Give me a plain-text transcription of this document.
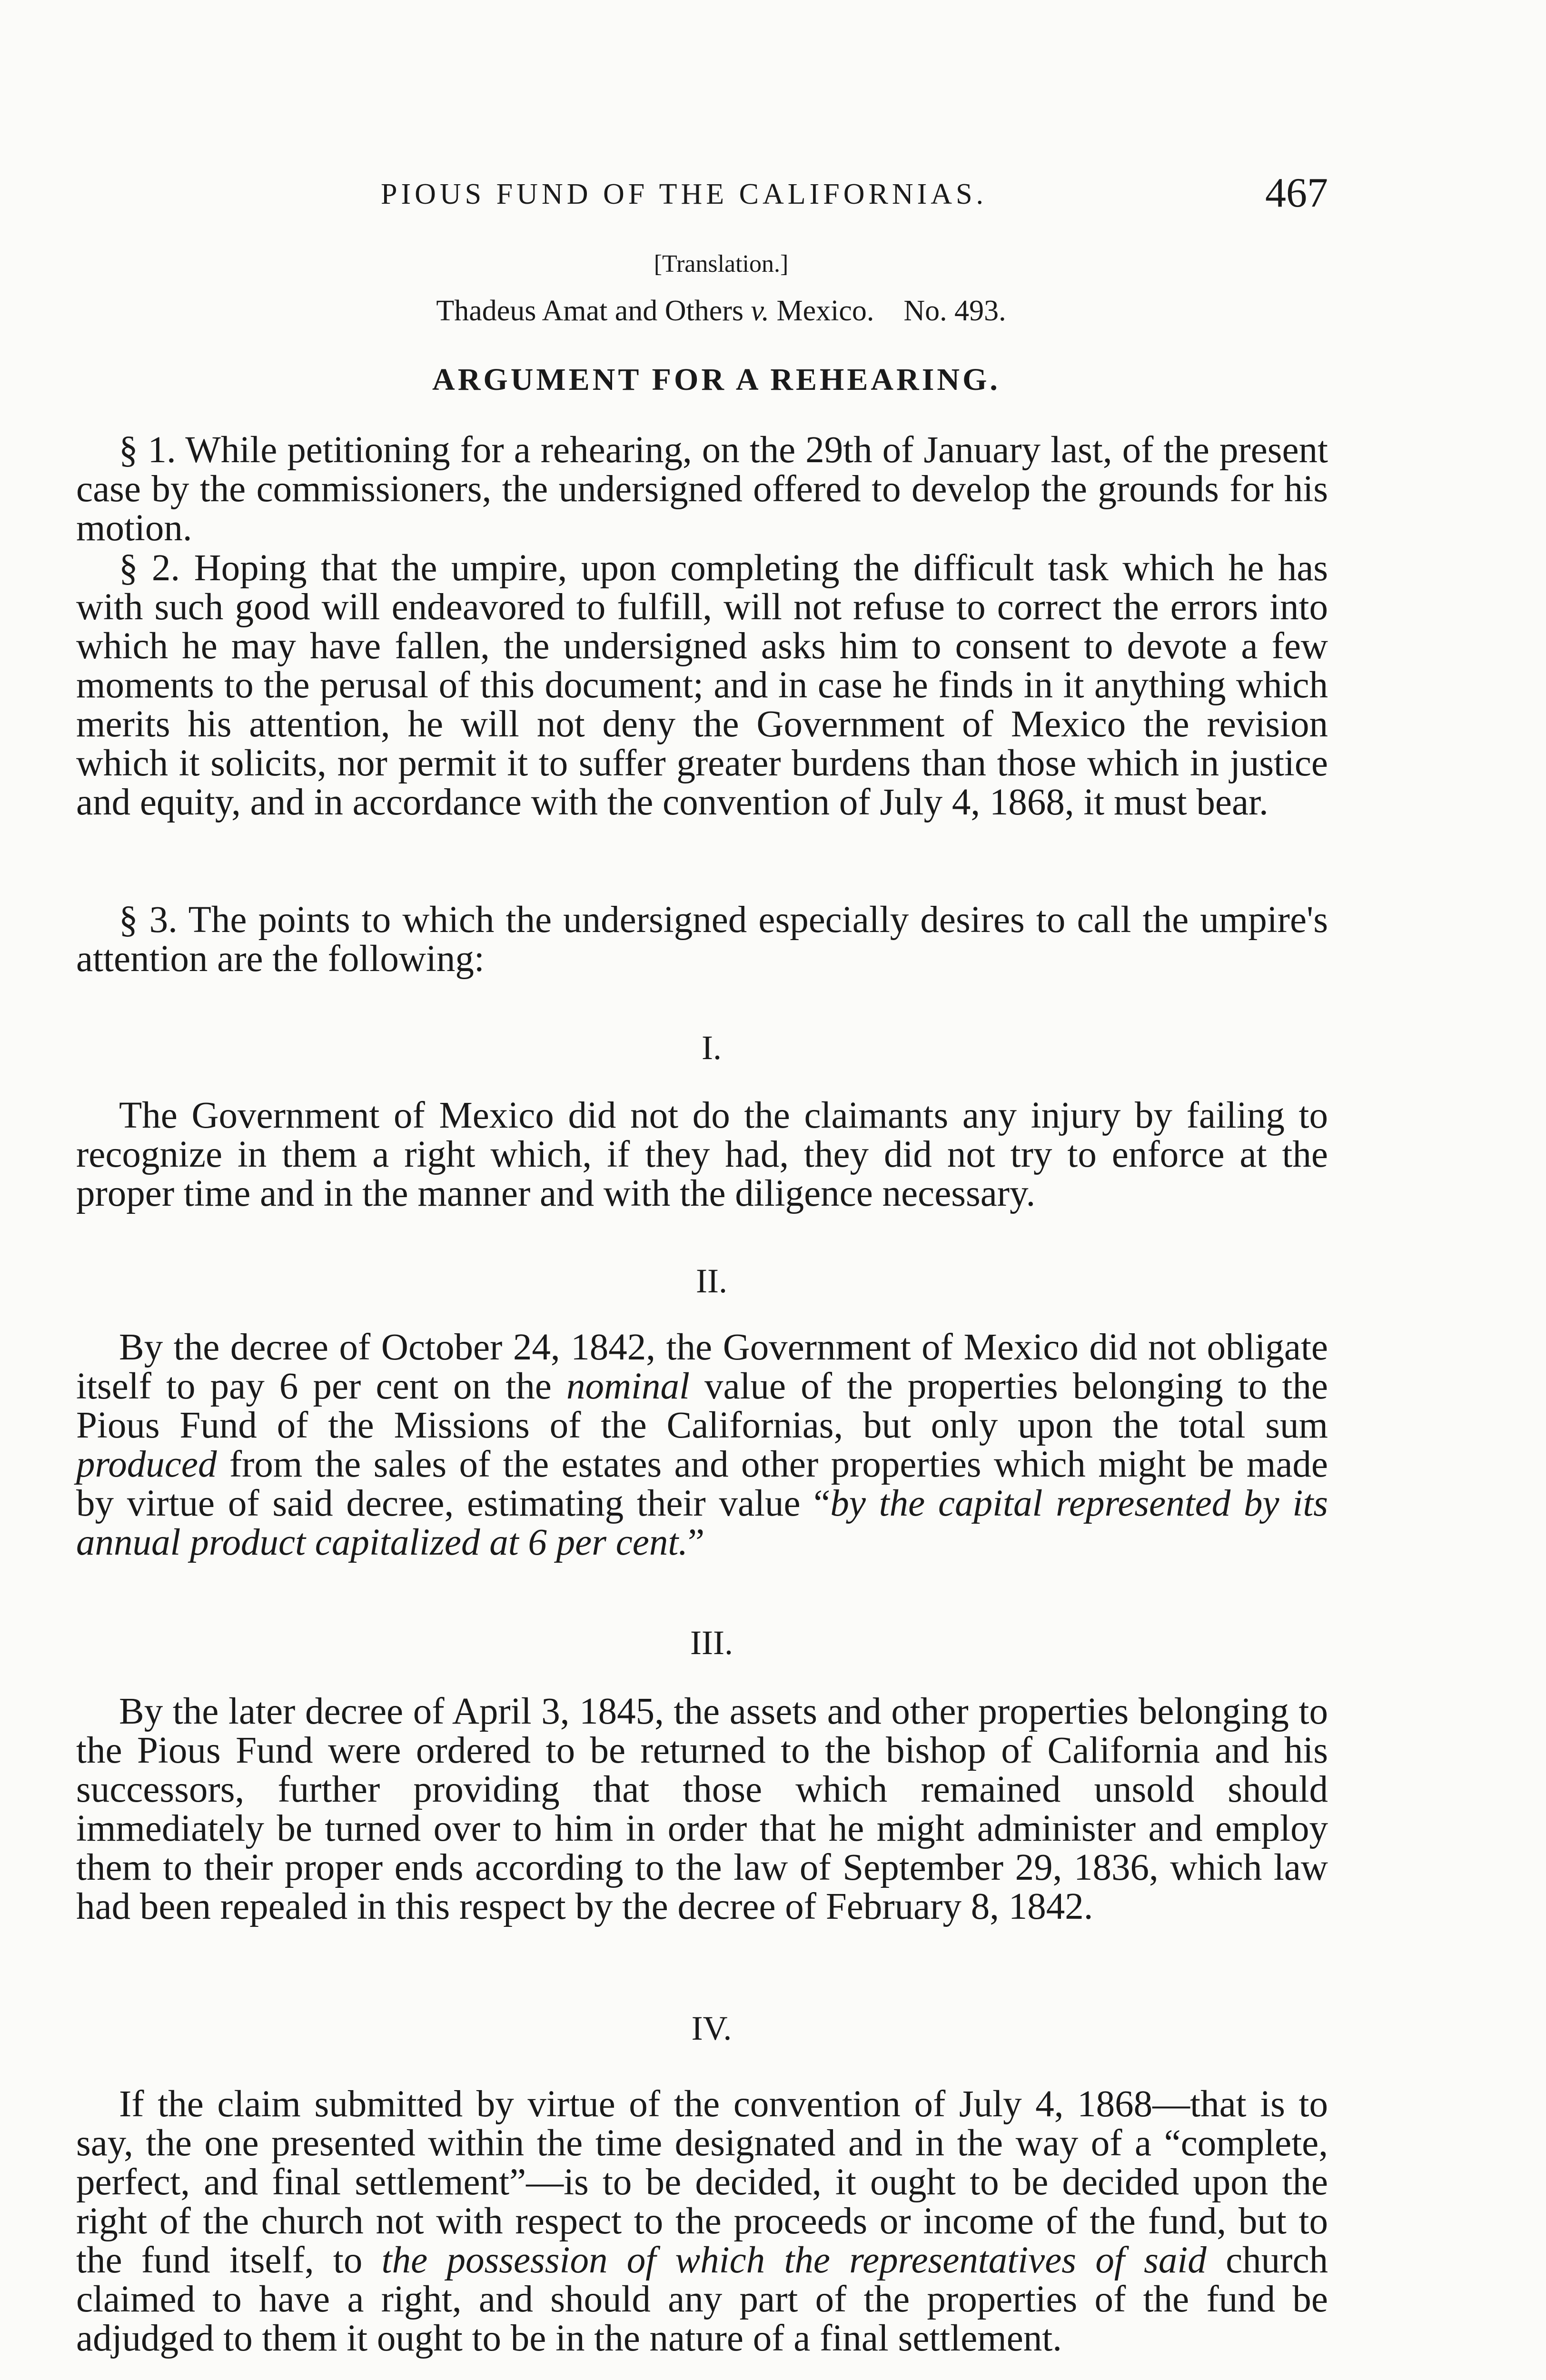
PIOUS FUND OF THE CALIFORNIAS.	467
[Translation.]
Thadeus Amat and Others v. Mexico.    No. 493.
ARGUMENT FOR A REHEARING.

§ 1. While petitioning for a rehearing, on the 29th of January last, of the present case by the commissioners, the undersigned offered to develop the grounds for his motion.

§ 2. Hoping that the umpire, upon completing the difficult task which he has with such good will endeavored to fulfill, will not refuse to correct the errors into which he may have fallen, the undersigned asks him to consent to devote a few moments to the perusal of this document; and in case he finds in it anything which merits his attention, he will not deny the Government of Mexico the revision which it solicits, nor permit it to suffer greater burdens than those which in justice and equity, and in accordance with the convention of July 4, 1868, it must bear.

§ 3. The points to which the undersigned especially desires to call the umpire's attention are the following:

I.

The Government of Mexico did not do the claimants any injury by failing to recognize in them a right which, if they had, they did not try to enforce at the proper time and in the manner and with the diligence necessary.

II.

By the decree of October 24, 1842, the Government of Mexico did not obligate itself to pay 6 per cent on the nominal value of the properties belonging to the Pious Fund of the Missions of the Californias, but only upon the total sum produced from the sales of the estates and other properties which might be made by virtue of said decree, estimating their value “by the capital represented by its annual product capitalized at 6 per cent.”

III.

By the later decree of April 3, 1845, the assets and other properties belonging to the Pious Fund were ordered to be returned to the bishop of California and his successors, further providing that those which remained unsold should immediately be turned over to him in order that he might administer and employ them to their proper ends according to the law of September 29, 1836, which law had been repealed in this respect by the decree of February 8, 1842.

IV.

If the claim submitted by virtue of the convention of July 4, 1868—that is to say, the one presented within the time designated and in the way of a “complete, perfect, and final settlement”—is to be decided, it ought to be decided upon the right of the church not with respect to the proceeds or income of the fund, but to the fund itself, to the possession of which the representatives of said church claimed to have a right, and should any part of the properties of the fund be adjudged to them it ought to be in the nature of a final settlement.
